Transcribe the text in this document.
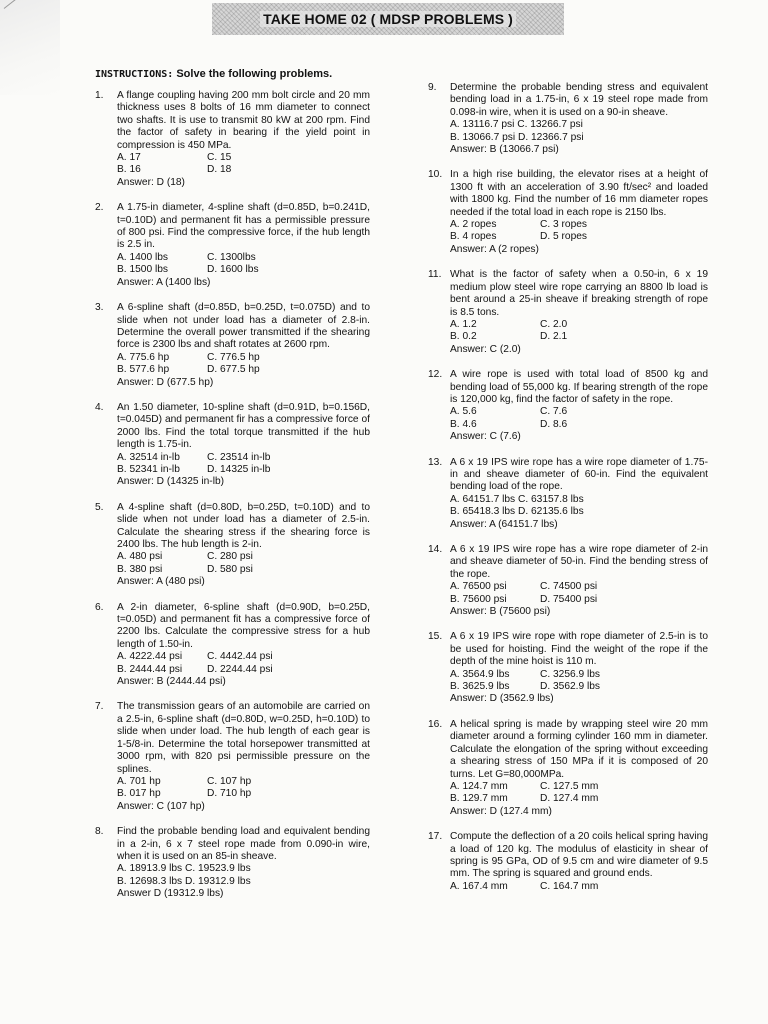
TAKE HOME 02 ( MDSP PROBLEMS )
INSTRUCTIONS: Solve the following problems.
1. A flange coupling having 200 mm bolt circle and 20 mm thickness uses 8 bolts of 16 mm diameter to connect two shafts. It is use to transmit 80 kW at 200 rpm. Find the factor of safety in bearing if the yield point in compression is 450 MPa.
A. 17	C. 15
B. 16	D. 18
Answer: D (18)
2. A 1.75-in diameter, 4-spline shaft (d=0.85D, b=0.241D, t=0.10D) and permanent fit has a permissible pressure of 800 psi. Find the compressive force, if the hub length is 2.5 in.
A. 1400 lbs	C. 1300lbs
B. 1500 lbs	D. 1600 lbs
Answer: A (1400 lbs)
3. A 6-spline shaft (d=0.85D, b=0.25D, t=0.075D) and to slide when not under load has a diameter of 2.8-in. Determine the overall power transmitted if the shearing force is 2300 lbs and shaft rotates at 2600 rpm.
A. 775.6 hp	C. 776.5 hp
B. 577.6 hp	D. 677.5 hp
Answer: D (677.5 hp)
4. An 1.50 diameter, 10-spline shaft (d=0.91D, b=0.156D, t=0.045D) and permanent fir has a compressive force of 2000 lbs. Find the total torque transmitted if the hub length is 1.75-in.
A. 32514 in-lb	C. 23514 in-lb
B. 52341 in-lb	D. 14325 in-lb
Answer: D (14325 in-lb)
5. A 4-spline shaft (d=0.80D, b=0.25D, t=0.10D) and to slide when not under load has a diameter of 2.5-in. Calculate the shearing stress if the shearing force is 2400 lbs. The hub length is 2-in.
A. 480 psi	C. 280 psi
B. 380 psi	D. 580 psi
Answer: A (480 psi)
6. A 2-in diameter, 6-spline shaft (d=0.90D, b=0.25D, t=0.05D) and permanent fit has a compressive force of 2200 lbs. Calculate the compressive stress for a hub length of 1.50-in.
A. 4222.44 psi	C. 4442.44 psi
B. 2444.44 psi	D. 2244.44 psi
Answer: B (2444.44 psi)
7. The transmission gears of an automobile are carried on a 2.5-in, 6-spline shaft (d=0.80D, w=0.25D, h=0.10D) to slide when under load. The hub length of each gear is 1-5/8-in. Determine the total horsepower transmitted at 3000 rpm, with 820 psi permissible pressure on the splines.
A. 701 hp	C. 107 hp
B. 017 hp	D. 710 hp
Answer: C (107 hp)
8. Find the probable bending load and equivalent bending in a 2-in, 6 x 7 steel rope made from 0.090-in wire, when it is used on an 85-in sheave.
A. 18913.9 lbs C. 19523.9 lbs
B. 12698.3 lbs D. 19312.9 lbs
Answer D (19312.9 lbs)
9. Determine the probable bending stress and equivalent bending load in a 1.75-in, 6 x 19 steel rope made from 0.098-in wire, when it is used on a 90-in sheave.
A. 13116.7 psi C. 13266.7 psi
B. 13066.7 psi D. 12366.7 psi
Answer: B (13066.7 psi)
10. In a high rise building, the elevator rises at a height of 1300 ft with an acceleration of 3.90 ft/sec² and loaded with 1800 kg. Find the number of 16 mm diameter ropes needed if the total load in each rope is 2150 lbs.
A. 2 ropes	C. 3 ropes
B. 4 ropes	D. 5 ropes
Answer: A (2 ropes)
11. What is the factor of safety when a 0.50-in, 6 x 19 medium plow steel wire rope carrying an 8800 lb load is bent around a 25-in sheave if breaking strength of rope is 8.5 tons.
A. 1.2	C. 2.0
B. 0.2	D. 2.1
Answer: C (2.0)
12. A wire rope is used with total load of 8500 kg and bending load of 55,000 kg. If bearing strength of the rope is 120,000 kg, find the factor of safety in the rope.
A. 5.6	C. 7.6
B. 4.6	D. 8.6
Answer: C (7.6)
13. A 6 x 19 IPS wire rope has a wire rope diameter of 1.75-in and sheave diameter of 60-in. Find the equivalent bending load of the rope.
A. 64151.7 lbs C. 63157.8 lbs
B. 65418.3 lbs D. 62135.6 lbs
Answer: A (64151.7 lbs)
14. A 6 x 19 IPS wire rope has a wire rope diameter of 2-in and sheave diameter of 50-in. Find the bending stress of the rope.
A. 76500 psi	C. 74500 psi
B. 75600 psi	D. 75400 psi
Answer: B (75600 psi)
15. A 6 x 19 IPS wire rope with rope diameter of 2.5-in is to be used for hoisting. Find the weight of the rope if the depth of the mine hoist is 110 m.
A. 3564.9 lbs	C. 3256.9 lbs
B. 3625.9 lbs	D. 3562.9 lbs
Answer: D (3562.9 lbs)
16. A helical spring is made by wrapping steel wire 20 mm diameter around a forming cylinder 160 mm in diameter. Calculate the elongation of the spring without exceeding a shearing stress of 150 MPa if it is composed of 20 turns. Let G=80,000MPa.
A. 124.7 mm	C. 127.5 mm
B. 129.7 mm	D. 127.4 mm
Answer: D (127.4 mm)
17. Compute the deflection of a 20 coils helical spring having a load of 120 kg. The modulus of elasticity in shear of spring is 95 GPa, OD of 9.5 cm and wire diameter of 9.5 mm. The spring is squared and ground ends.
A. 167.4 mm	C. 164.7 mm
